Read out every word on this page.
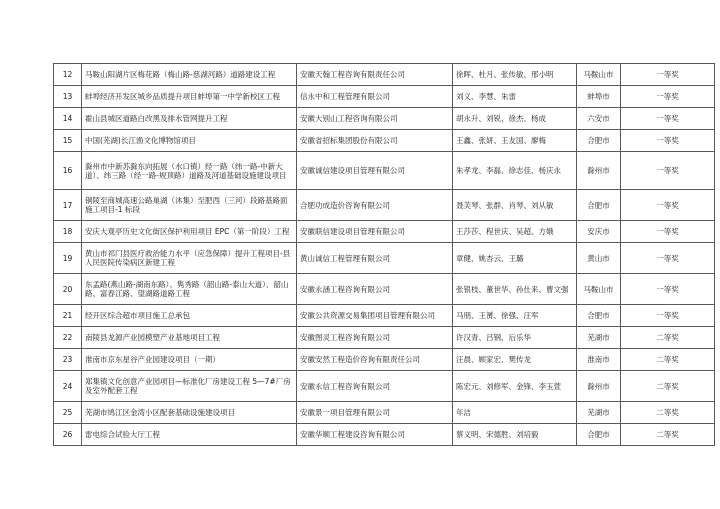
12	马鞍山阳湖片区梅花路（梅山路-慈湖河路）道路建设工程	安徽天翰工程咨询有限责任公司	徐晖、杜月、张传敏、邢小明	马鞍山市	一等奖
13	蚌埠经济开发区城乡品质提升项目蚌埠第一中学新校区工程	信永中和工程管理有限公司	刘义、李慧、朱雷	蚌埠市	一等奖
14	霍山县城区道路白改黑及排水管网提升工程	安徽大别山工程咨询有限公司	胡永升、刘锐、徐杰、杨成	六安市	一等奖
15	中国(芜湖)长江渔文化博物馆项目	安徽省招标集团股份有限公司	王鑫、张妍、王友国、廖梅	合肥市	一等奖
16	滁州市中新苏滁东向拓展（水口镇）经一路（纬一路-中新大道）、纬三路（经一路-规顶路）道路及河道基础设施建设项目	安徽诚信建设项目管理有限公司	朱孝龙、李磊、徐志佳、杨庆永	滁州市	一等奖
17	铜陵至商城高速公路巢湖（沐集）至肥西（三河）段路基路面施工项目-1 标段	合肥功成造价咨询有限公司	聂芙琴、张群、肖琴、刘从敏	合肥市	一等奖
18	安庆大观亭历史文化街区保护利用项目 EPC（第一阶段）工程	安徽联信建设项目管理有限公司	王莎莎、程世庆、吴超、方娥	安庆市	一等奖
19	黄山市祁门县医疗救治能力水平（应急保障）提升工程项目-县人民医院传染病区新建工程	黄山诚信工程管理有限公司	章健、姚杏云、王璐	黄山市	一等奖
20	东孟路(燕山路-湖南东路）、隽秀路（韶山路-泰山大道）、韶山路、富春江路、望湖路道路工程	安徽永涵工程咨询有限公司	张银枝、董世华、孙仕来、曹文强	马鞍山市	一等奖
21	经开区综合超市项目施工总承包	安徽公共资源交易集团项目管理有限公司	马朋、王赟、徐强、汪军	合肥市	一等奖
22	南陵县龙源产业园模塑产业基地项目工程	安徽图灵工程咨询有限公司	许汉青、吕钢、后乐华	芜湖市	二等奖
23	淮南市京东星谷产业园建设项目（一期）	安徽安然工程造价咨询有限责任公司	汪晨、顾家宏、樊传龙	淮南市	二等奖
24	郑集镇文化创意产业园项目—标准化厂房建设工程 5—7#厂房及室外配套工程	安徽永信工程咨询有限公司	陈宏元、刘修军、金锋、李玉萱	滁州市	二等奖
25	芜湖市鸠江区金湾小区配套基础设施建设项目	安徽景一项目管理有限公司	年洁	芜湖市	二等奖
26	雷电综合试验大厅工程	安徽华顺工程建设咨询有限公司	蔡义明、宋德胜、刘培毅	合肥市	二等奖
